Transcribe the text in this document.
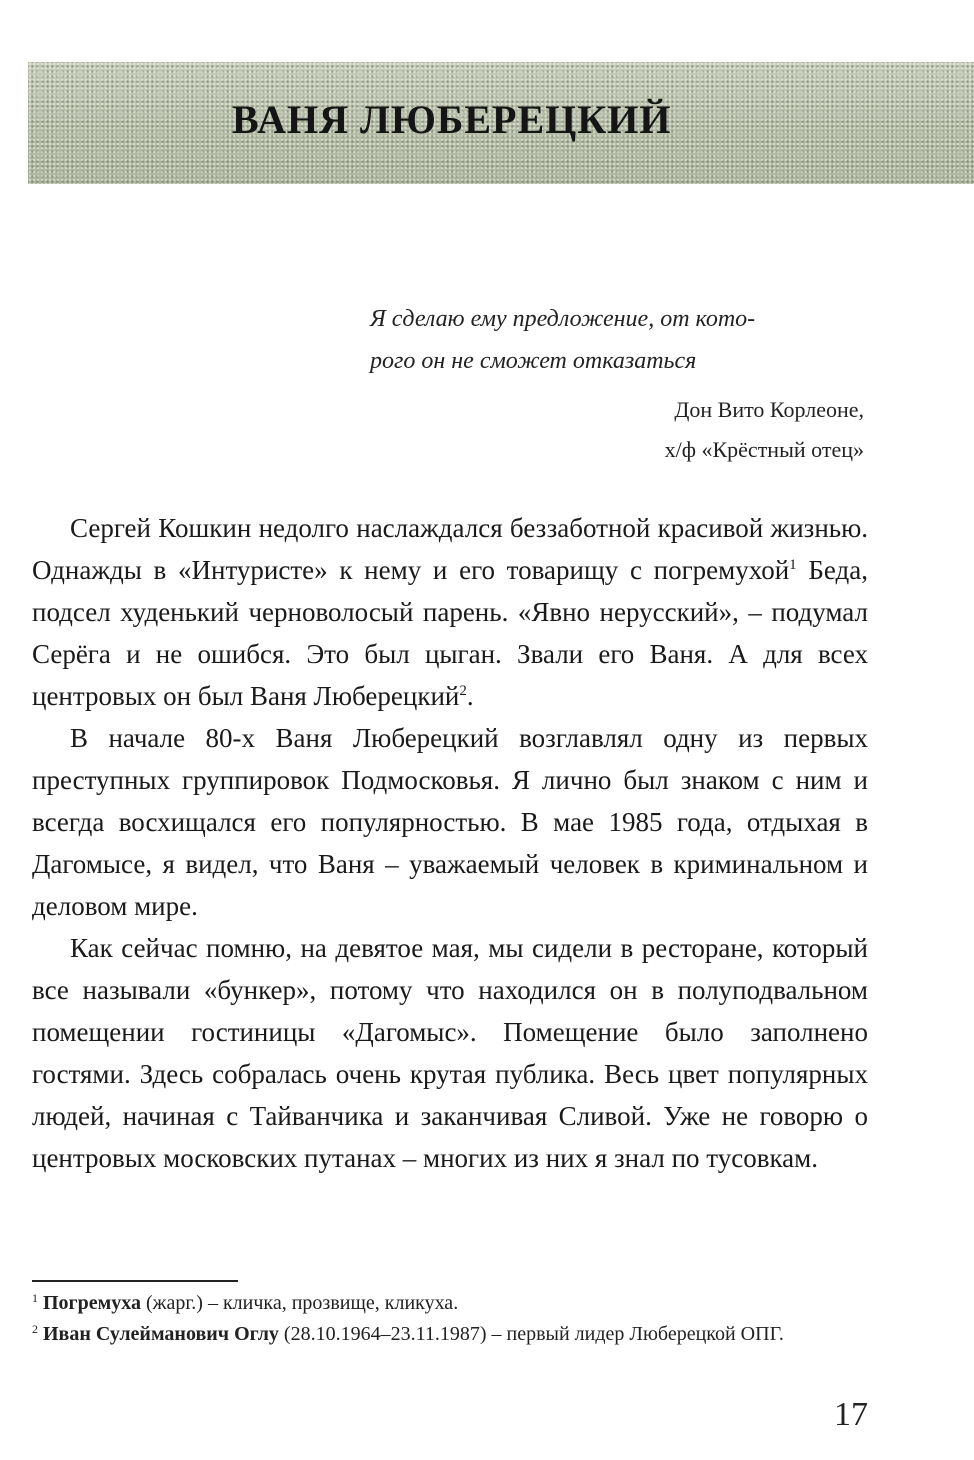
ВАНЯ ЛЮБЕРЕЦКИЙ

Я сделаю ему предложение, от кото-
рого он не сможет отказаться

Дон Вито Корлеоне,
х/ф «Крёстный отец»

Сергей Кошкин недолго наслаждался беззаботной красивой жизнью. Однажды в «Интуристе» к нему и его товарищу с погремухой$^1$ Беда, подсел худенький черноволосый парень. «Явно нерусский», – подумал Серёга и не ошибся. Это был цыган. Звали его Ваня. А для всех центровых он был Ваня Люберецкий$^2$.

В начале 80-х Ваня Люберецкий возглавлял одну из первых преступных группировок Подмосковья. Я лично был знаком с ним и всегда восхищался его популярностью. В мае 1985 года, отдыхая в Дагомысе, я видел, что Ваня – уважаемый человек в криминальном и деловом мире.

Как сейчас помню, на девятое мая, мы сидели в ресторане, который все называли «бункер», потому что находился он в полуподвальном помещении гостиницы «Дагомыс». Помещение было заполнено гостями. Здесь собралась очень крутая публика. Весь цвет популярных людей, начиная с Тайванчика и заканчивая Сливой. Уже не говорю о центровых московских путанах – многих из них я знал по тусовкам.

$^1$ Погремуха (жарг.) – кличка, прозвище, кликуха.

$^2$ Иван Сулейманович Оглу (28.10.1964–23.11.1987) – первый лидер Люберецкой ОПГ.

17
